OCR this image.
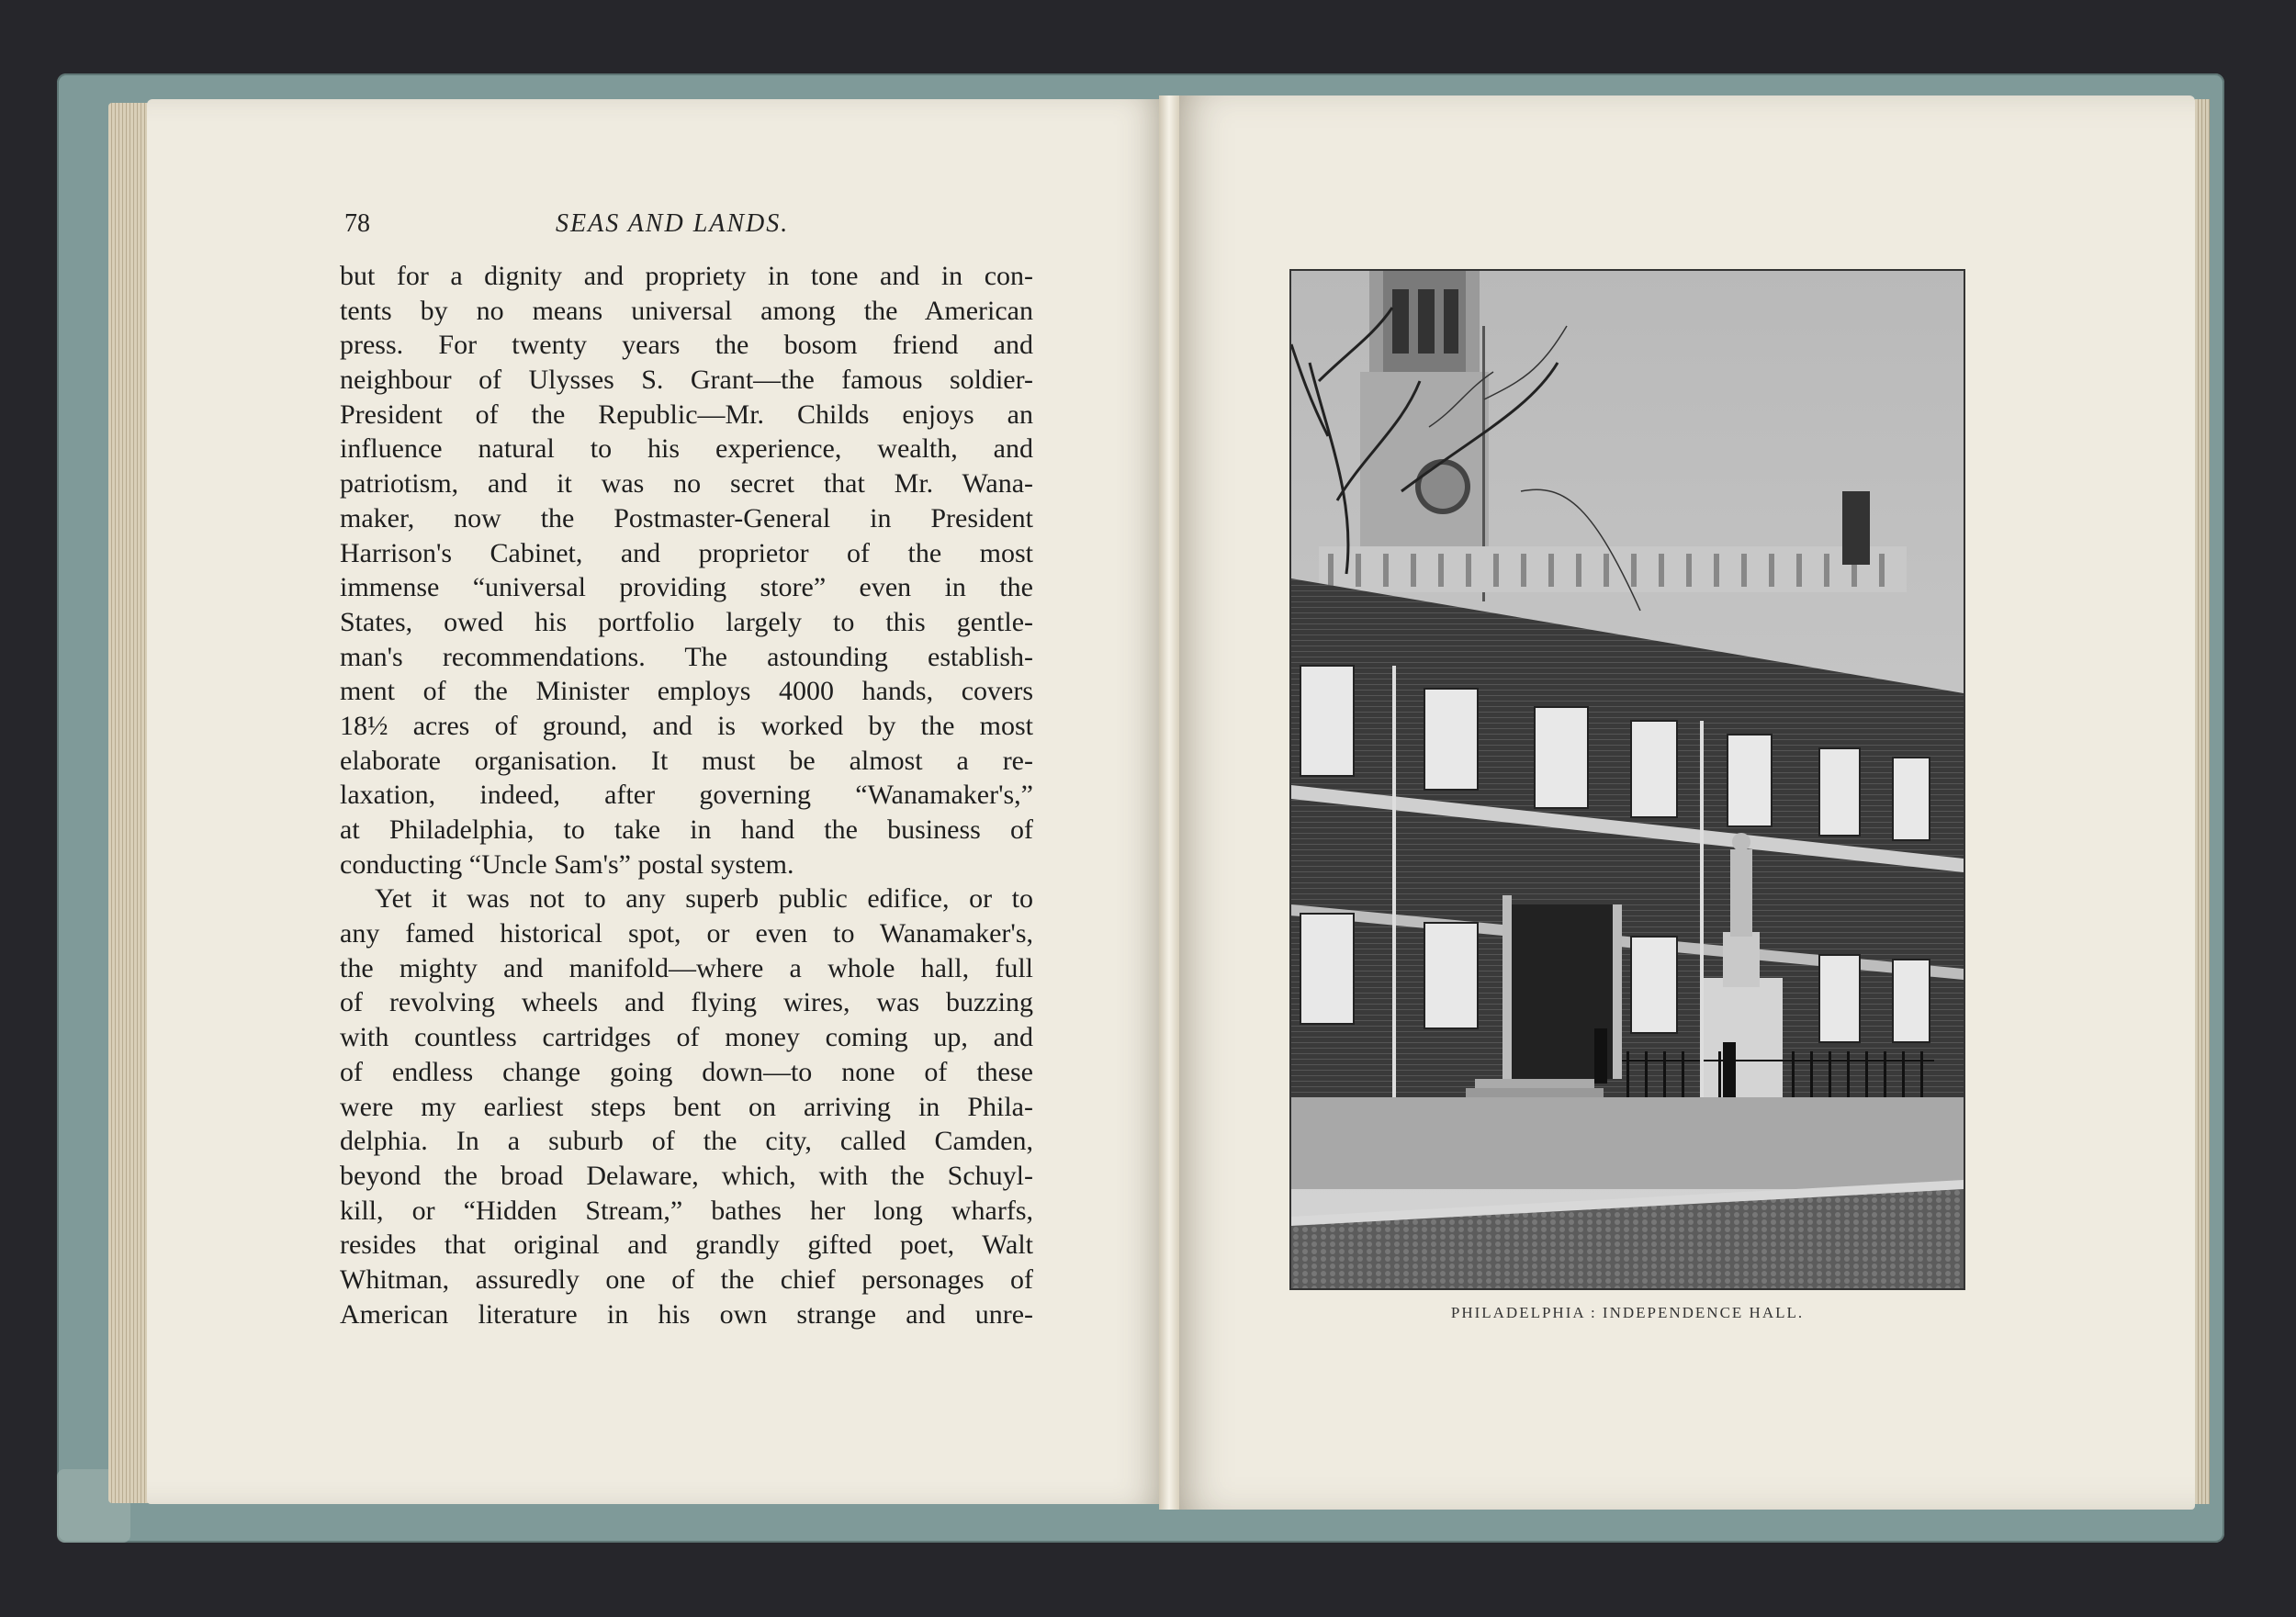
78	SEAS AND LANDS.
but for a dignity and propriety in tone and in con-
tents by no means universal among the American
press. For twenty years the bosom friend and
neighbour of Ulysses S. Grant—the famous soldier-
President of the Republic—Mr. Childs enjoys an
influence natural to his experience, wealth, and
patriotism, and it was no secret that Mr. Wana-
maker, now the Postmaster-General in President
Harrison's Cabinet, and proprietor of the most
immense “universal providing store” even in the
States, owed his portfolio largely to this gentle-
man's recommendations. The astounding establish-
ment of the Minister employs 4000 hands, covers
18½ acres of ground, and is worked by the most
elaborate organisation. It must be almost a re-
laxation, indeed, after governing “Wanamaker's,”
at Philadelphia, to take in hand the business of
conducting “Uncle Sam's” postal system.
Yet it was not to any superb public edifice, or to
any famed historical spot, or even to Wanamaker's,
the mighty and manifold—where a whole hall, full
of revolving wheels and flying wires, was buzzing
with countless cartridges of money coming up, and
of endless change going down—to none of these
were my earliest steps bent on arriving in Phila-
delphia. In a suburb of the city, called Camden,
beyond the broad Delaware, which, with the Schuyl-
kill, or “Hidden Stream,” bathes her long wharfs,
resides that original and grandly gifted poet, Walt
Whitman, assuredly one of the chief personages of
American literature in his own strange and unre-	PHILADELPHIA : INDEPENDENCE HALL.
